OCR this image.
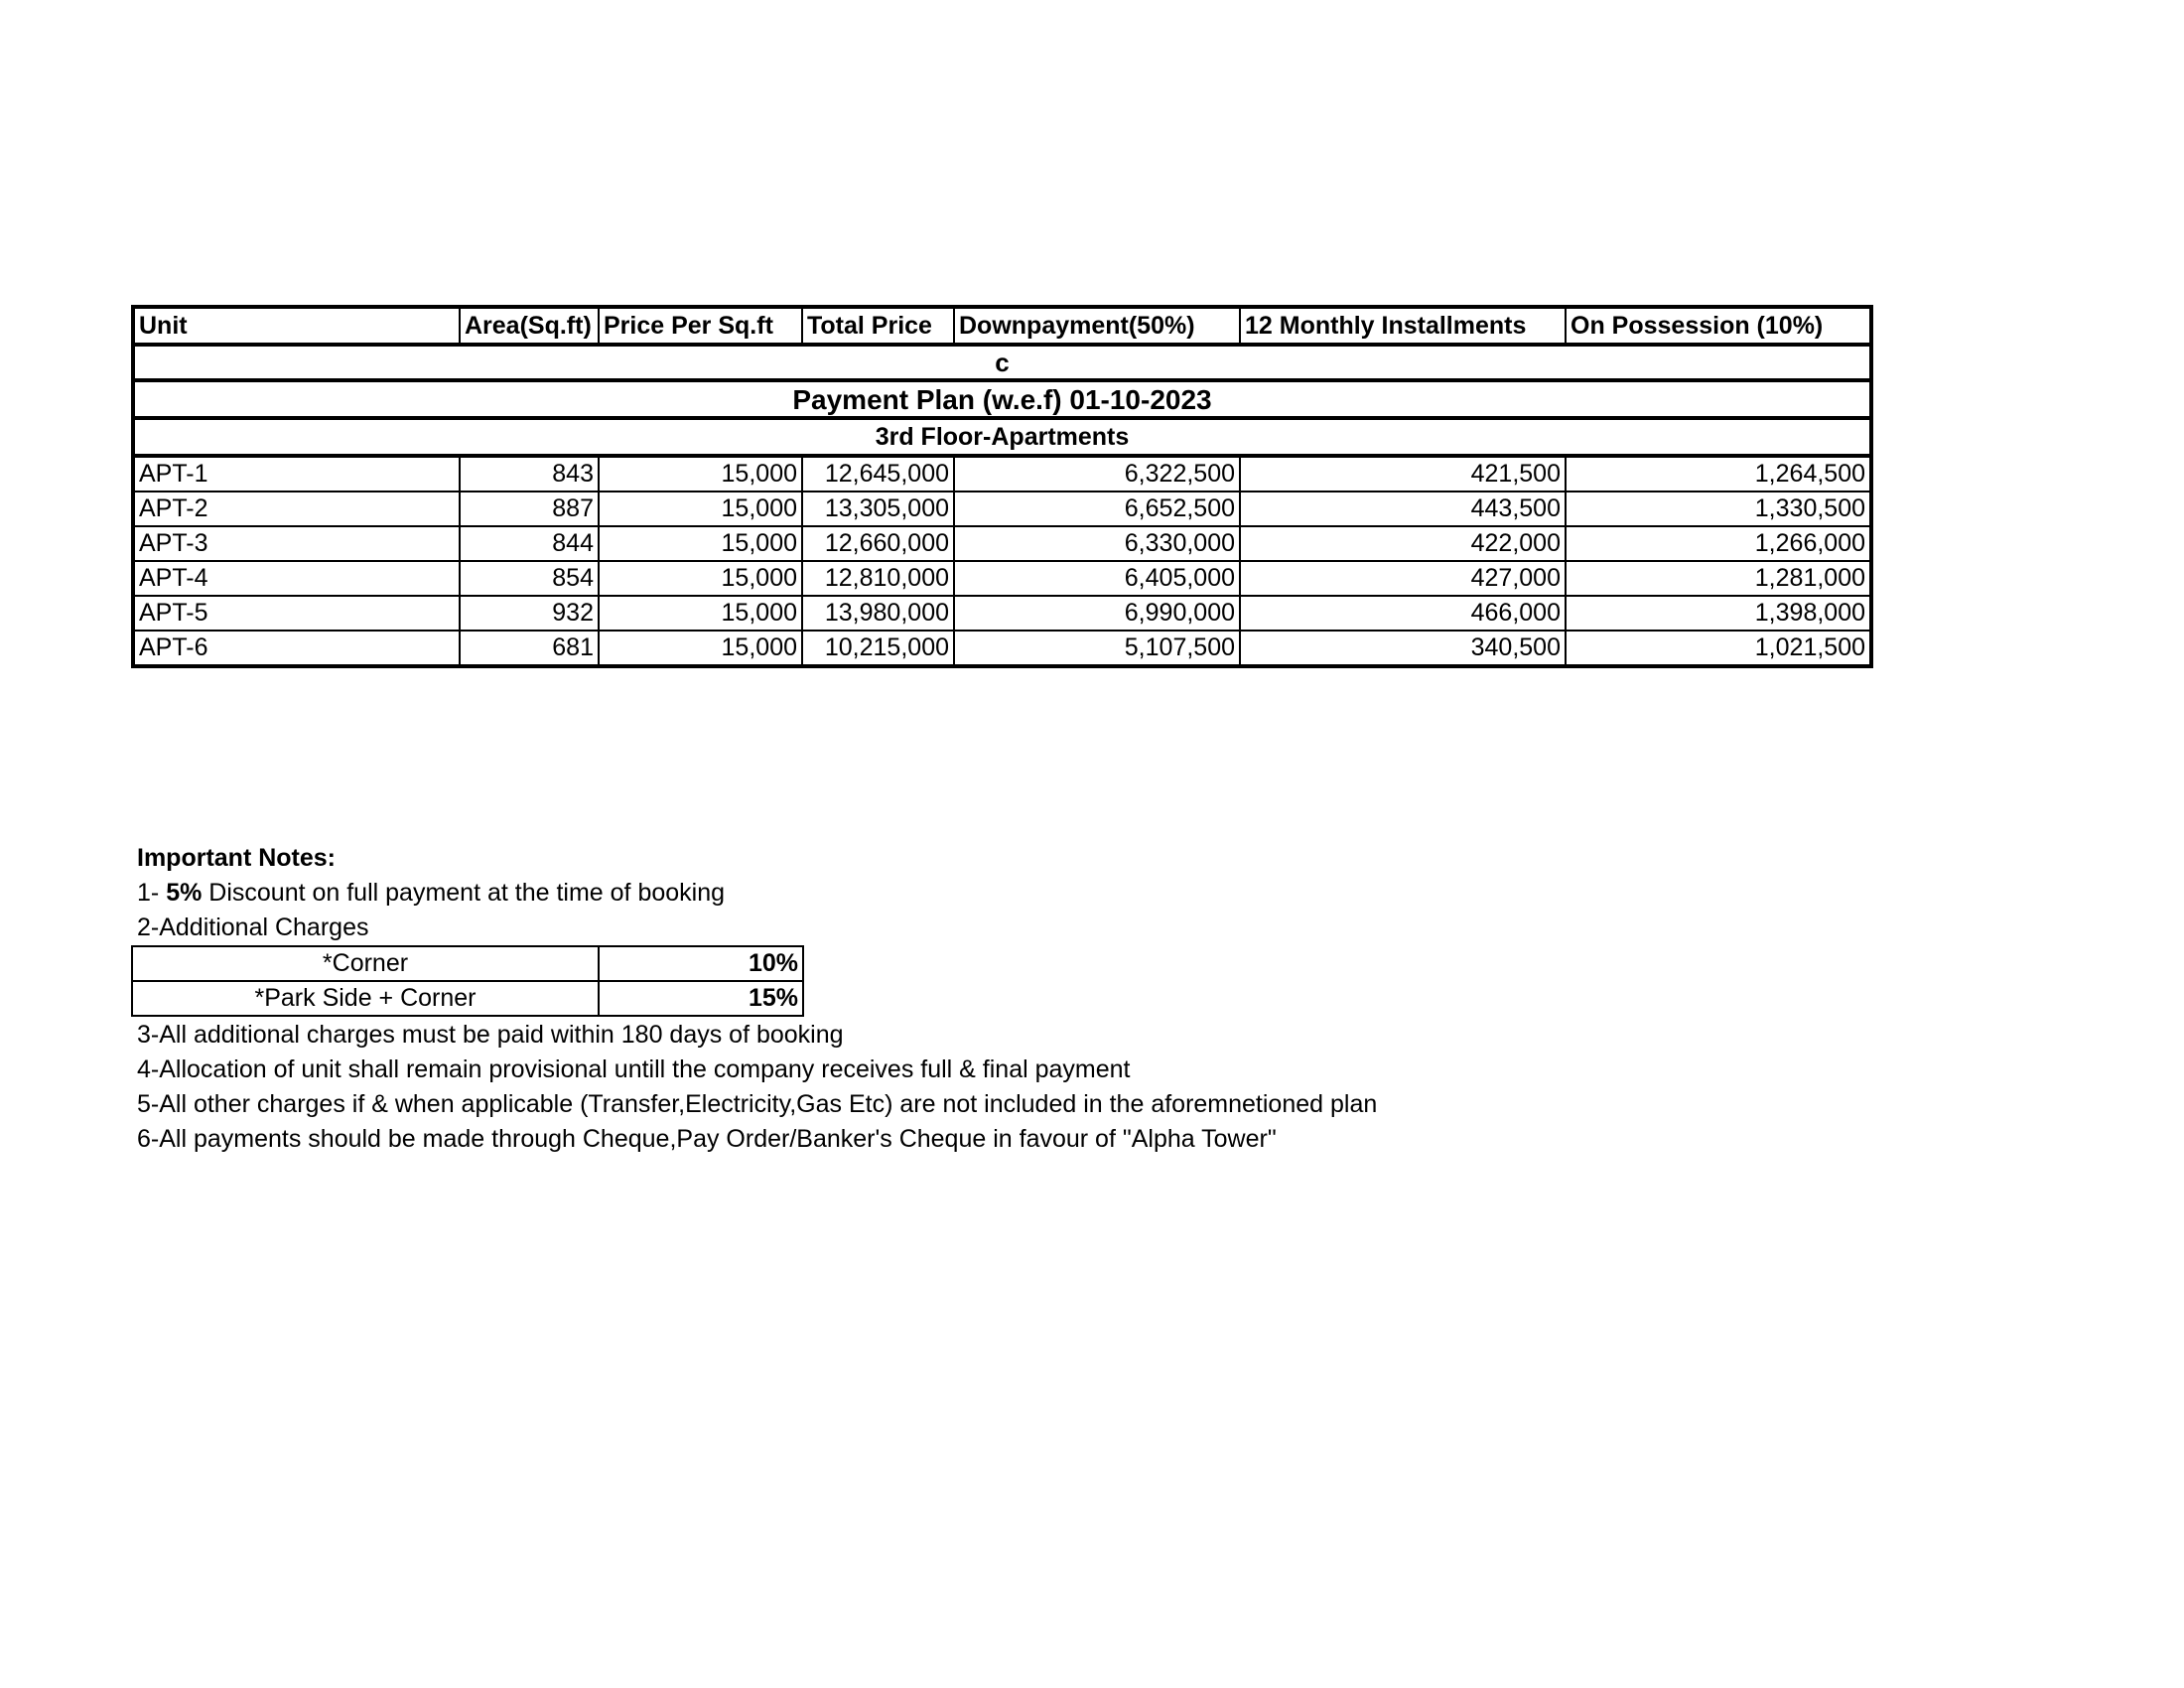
c						
Payment Plan (w.e.f) 01-10-2023						
3rd Floor-Apartments						
Unit	Area(Sq.ft)	Price Per Sq.ft	Total Price	Downpayment(50%)	12 Monthly Installments	On Possession (10%)
APT-1	843	15,000	12,645,000	6,322,500	421,500	1,264,500
APT-2	887	15,000	13,305,000	6,652,500	443,500	1,330,500
APT-3	844	15,000	12,660,000	6,330,000	422,000	1,266,000
APT-4	854	15,000	12,810,000	6,405,000	427,000	1,281,000
APT-5	932	15,000	13,980,000	6,990,000	466,000	1,398,000
APT-6	681	15,000	10,215,000	5,107,500	340,500	1,021,500
Important Notes:
1- 5% Discount on full payment at the time of booking
2-Additional Charges
*Corner	10%
*Park Side + Corner	15%
3-All additional charges must be paid within 180 days of booking
4-Allocation of unit shall remain provisional untill the company receives full & final payment
5-All other charges if & when applicable (Transfer,Electricity,Gas Etc) are not included in the aforemnetioned plan
6-All payments should be made through Cheque,Pay Order/Banker's Cheque in favour of "Alpha Tower"
